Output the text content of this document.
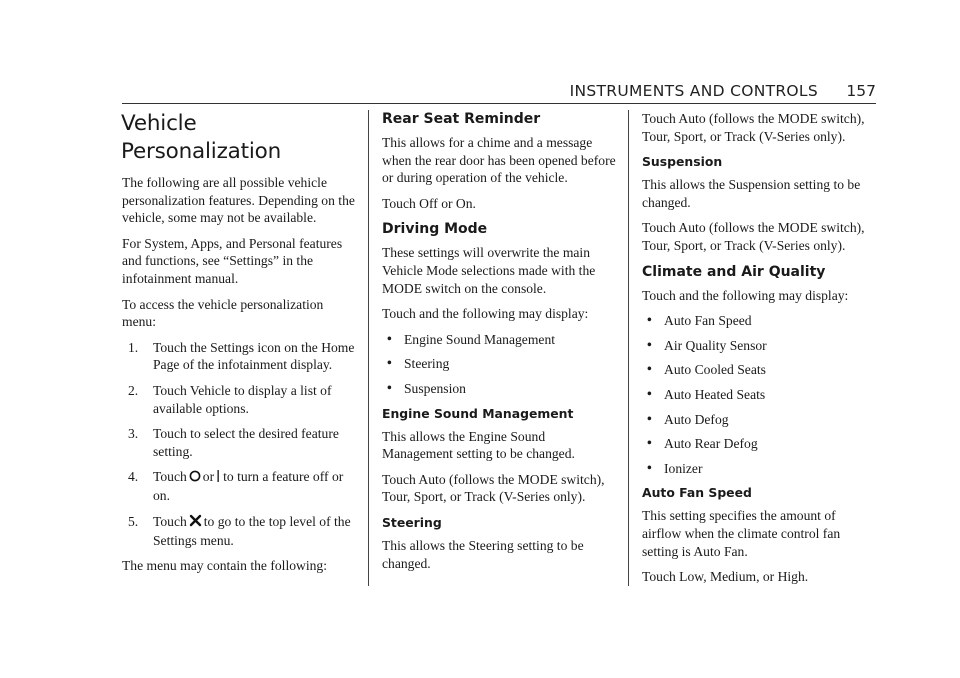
INSTRUMENTS AND CONTROLS 157
Vehicle Personalization

The following are all possible vehicle personalization features. Depending on the vehicle, some may not be available.

For System, Apps, and Personal features and functions, see “Settings” in the infotainment manual.

To access the vehicle personalization menu:

1. Touch the Settings icon on the Home Page of the infotainment display.
2. Touch Vehicle to display a list of available options.
3. Touch to select the desired feature setting.
4. Touch or to turn a feature off or on.
5. Touch to go to the top level of the Settings menu.

The menu may contain the following:

Rear Seat Reminder

This allows for a chime and a message when the rear door has been opened before or during operation of the vehicle.

Touch Off or On.

Driving Mode

These settings will overwrite the main Vehicle Mode selections made with the MODE switch on the console.

Touch and the following may display:

• Engine Sound Management
• Steering
• Suspension
Engine Sound Management

This allows the Engine Sound Management setting to be changed.

Touch Auto (follows the MODE switch), Tour, Sport, or Track (V-Series only).

Steering

This allows the Steering setting to be changed.

Touch Auto (follows the MODE switch), Tour, Sport, or Track (V-Series only).

Suspension

This allows the Suspension setting to be changed.

Touch Auto (follows the MODE switch), Tour, Sport, or Track (V-Series only).

Climate and Air Quality

Touch and the following may display:

• Auto Fan Speed
• Air Quality Sensor
• Auto Cooled Seats
• Auto Heated Seats
• Auto Defog
• Auto Rear Defog
• Ionizer
Auto Fan Speed

This setting specifies the amount of airflow when the climate control fan setting is Auto Fan.

Touch Low, Medium, or High.
